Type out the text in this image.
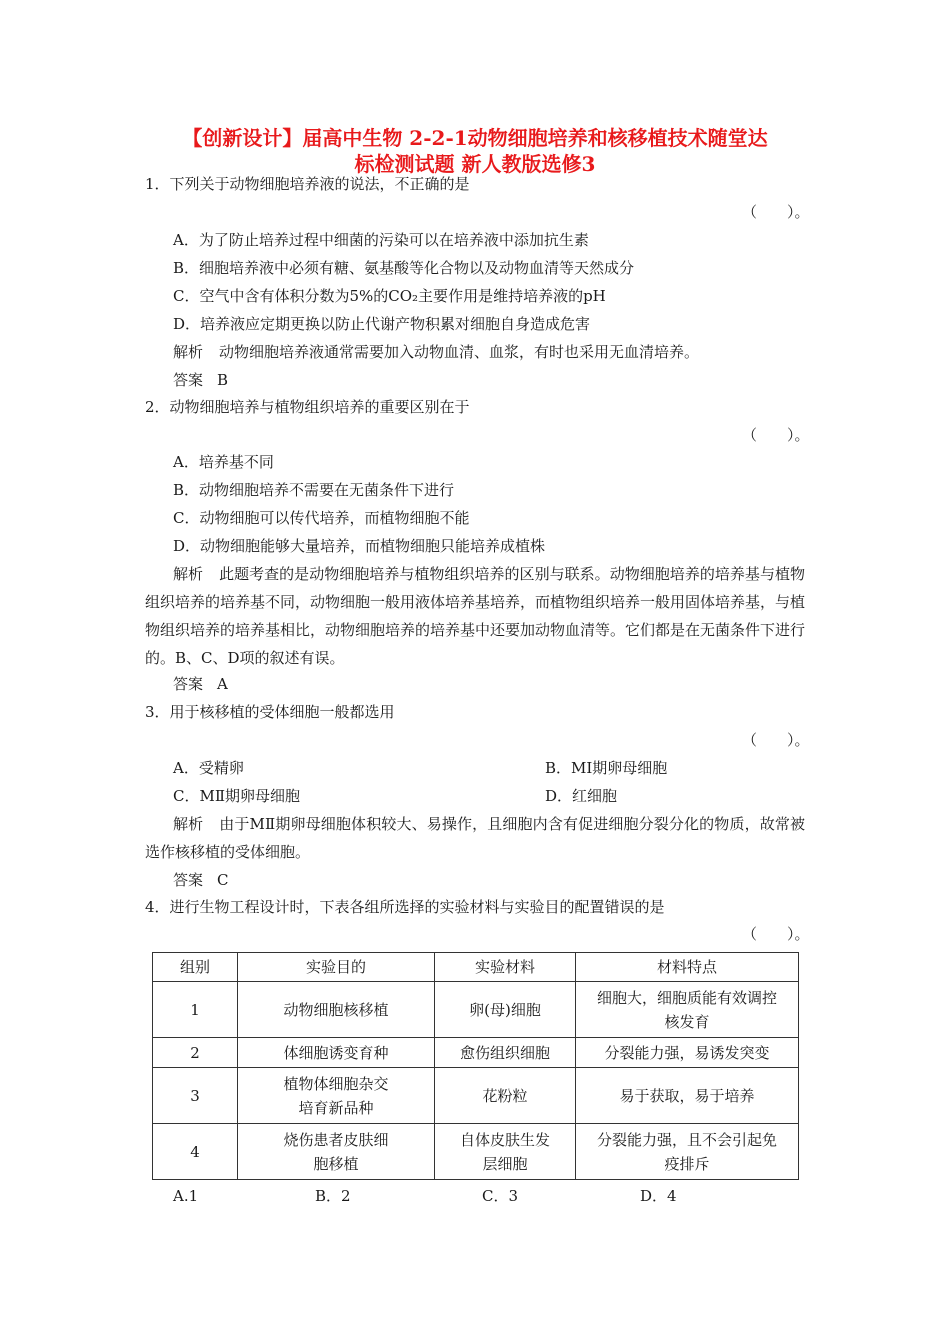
【创新设计】届高中生物 2-2-1动物细胞培养和核移植技术随堂达
标检测试题 新人教版选修3
1．下列关于动物细胞培养液的说法，不正确的是
（　　）。
A．为了防止培养过程中细菌的污染可以在培养液中添加抗生素
B．细胞培养液中必须有糖、氨基酸等化合物以及动物血清等天然成分
C．空气中含有体积分数为5%的CO₂主要作用是维持培养液的pH
D．培养液应定期更换以防止代谢产物积累对细胞自身造成危害
解析 动物细胞培养液通常需要加入动物血清、血浆，有时也采用无血清培养。
答案 B
2．动物细胞培养与植物组织培养的重要区别在于
（　　）。
A．培养基不同
B．动物细胞培养不需要在无菌条件下进行
C．动物细胞可以传代培养，而植物细胞不能
D．动物细胞能够大量培养，而植物细胞只能培养成植株
解析 此题考查的是动物细胞培养与植物组织培养的区别与联系。动物细胞培养的培养基与植物组织培养的培养基不同，动物细胞一般用液体培养基培养，而植物组织培养一般用固体培养基，与植物组织培养的培养基相比，动物细胞培养的培养基中还要加动物血清等。它们都是在无菌条件下进行的。B、C、D项的叙述有误。
答案 A
3．用于核移植的受体细胞一般都选用
（　　）。
A．受精卵	B．MⅠ期卵母细胞
C．MⅡ期卵母细胞	D．红细胞
解析 由于MⅡ期卵母细胞体积较大、易操作，且细胞内含有促进细胞分裂分化的物质，故常被选作核移植的受体细胞。
答案 C
4．进行生物工程设计时，下表各组所选择的实验材料与实验目的配置错误的是
（　　）。
组别	实验目的	实验材料	材料特点
1	动物细胞核移植	卵(母)细胞	细胞大，细胞质能有效调控核发育
2	体细胞诱变育种	愈伤组织细胞	分裂能力强，易诱发突变
3	植物体细胞杂交培育新品种	花粉粒	易于获取，易于培养
4	烧伤患者皮肤细胞移植	自体皮肤生发层细胞	分裂能力强，且不会引起免疫排斥
A.1	B．2	C．3	D．4
